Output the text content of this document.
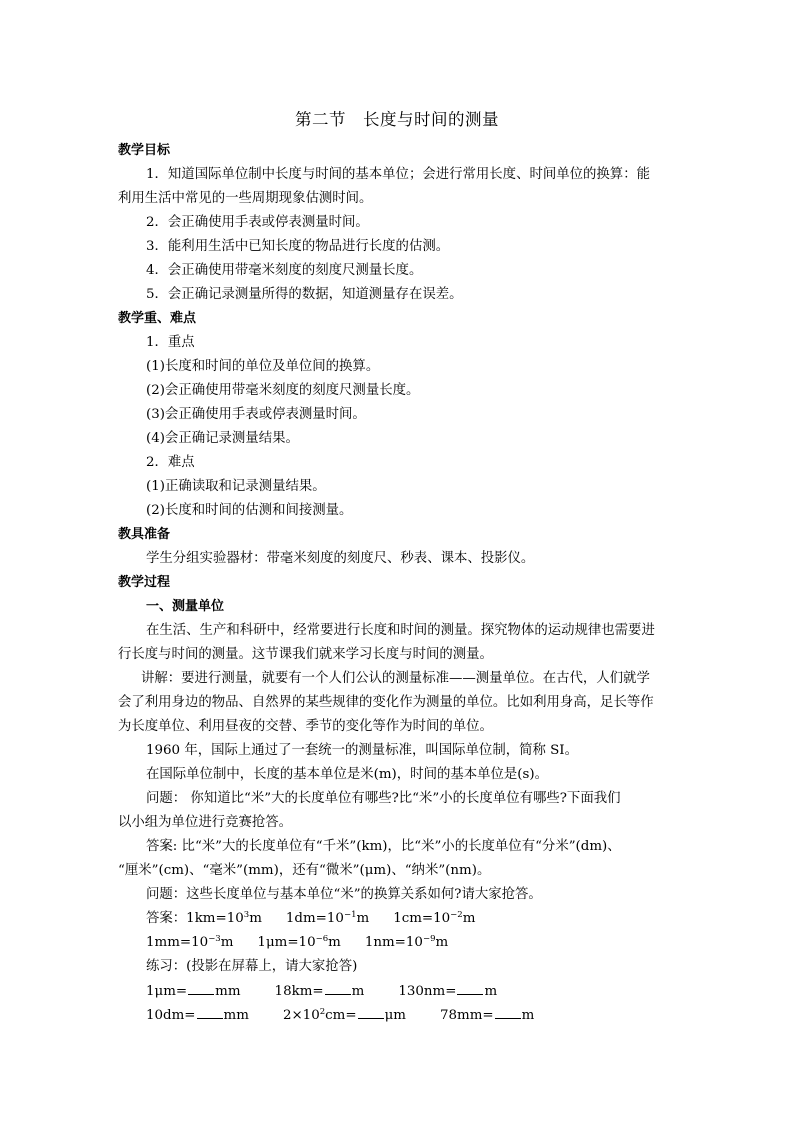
第二节　长度与时间的测量
教学目标
1．知道国际单位制中长度与时间的基本单位；会进行常用长度、时间单位的换算：能
利用生活中常见的一些周期现象估测时间。
2．会正确使用手表或停表测量时间。
3．能利用生活中已知长度的物品进行长度的估测。
4．会正确使用带毫米刻度的刻度尺测量长度。
5．会正确记录测量所得的数据，知道测量存在误差。
教学重、难点
1．重点
(1)长度和时间的单位及单位间的换算。
(2)会正确使用带毫米刻度的刻度尺测量长度。
(3)会正确使用手表或停表测量时间。
(4)会正确记录测量结果。
2．难点
(1)正确读取和记录测量结果。
(2)长度和时间的估测和间接测量。
教具准备
学生分组实验器材：带毫米刻度的刻度尺、秒表、课本、投影仪。
教学过程
一、测量单位
在生活、生产和科研中，经常要进行长度和时间的测量。探究物体的运动规律也需要进
行长度与时间的测量。这节课我们就来学习长度与时间的测量。
讲解：要进行测量，就要有一个人们公认的测量标准——测量单位。在古代，人们就学
会了利用身边的物品、自然界的某些规律的变化作为测量的单位。比如利用身高，足长等作
为长度单位、利用昼夜的交替、季节的变化等作为时间的单位。
1960 年，国际上通过了一套统一的测量标准，叫国际单位制，简称 SI。
在国际单位制中，长度的基本单位是米(m)，时间的基本单位是(s)。
问题： 你知道比“米”大的长度单位有哪些?比“米”小的长度单位有哪些?下面我们
以小组为单位进行竞赛抢答。
答案: 比“米”大的长度单位有“千米”(km)，比“米”小的长度单位有“分米”(dm)、
“厘米”(cm)、“毫米”(mm)，还有“微米”(μm)、“纳米”(nm)。
问题：这些长度单位与基本单位“米”的换算关系如何?请大家抢答。
答案：$1km=10^3m$ $1dm=10^{-1}m$ $1cm=10^{-2}m$
$1mm=10^{-3}m$ $1\mu m=10^{-6}m$ $1nm=10^{-9}m$
练习：(投影在屏幕上，请大家抢答)
1μm= mm	18km= m	130nm= m
10dm= mm	$2\times 10^2cm= \mu m$	78mm= m
